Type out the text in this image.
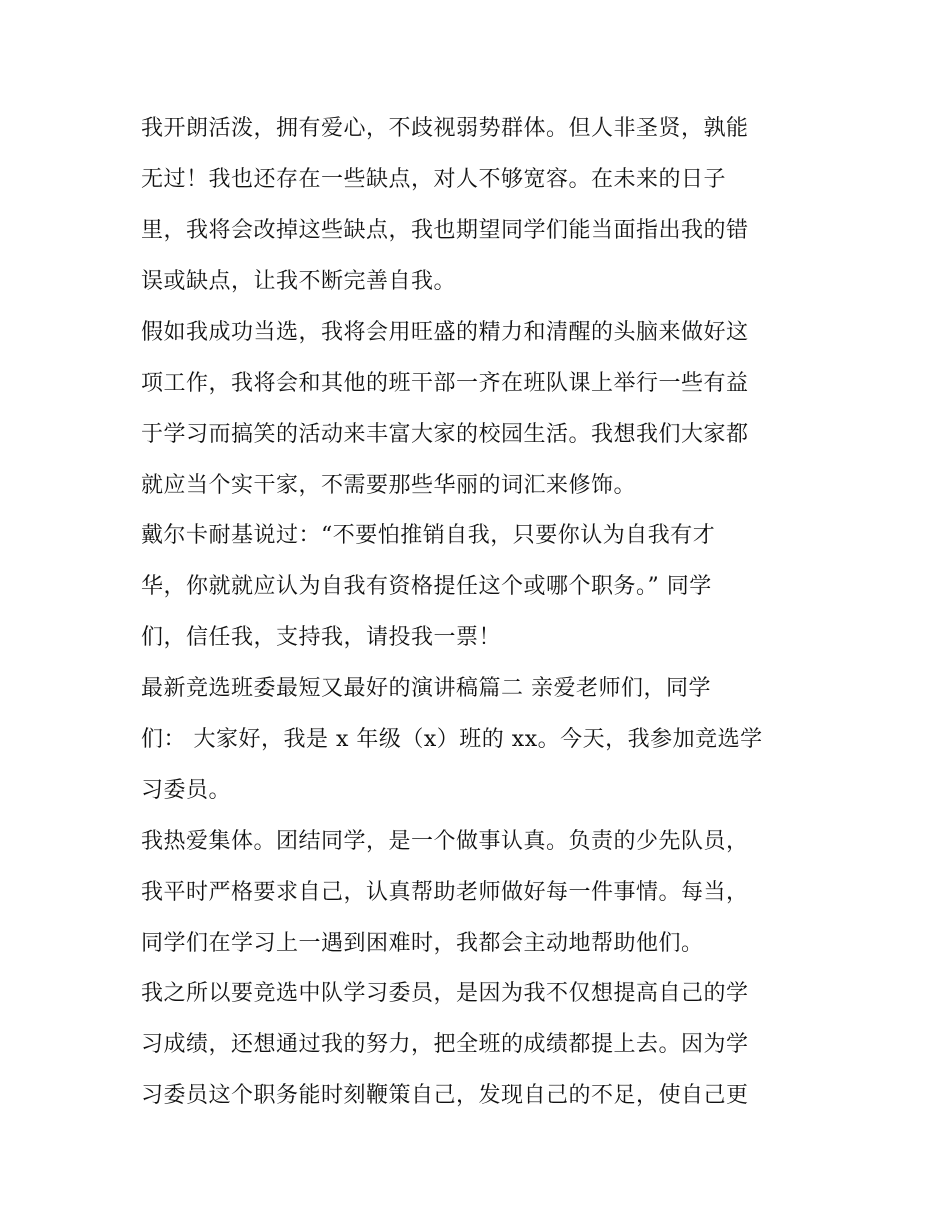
我开朗活泼，拥有爱心，不歧视弱势群体。但人非圣贤，孰能

无过！我也还存在一些缺点，对人不够宽容。在未来的日子

里，我将会改掉这些缺点，我也期望同学们能当面指出我的错

误或缺点，让我不断完善自我。

假如我成功当选，我将会用旺盛的精力和清醒的头脑来做好这

项工作，我将会和其他的班干部一齐在班队课上举行一些有益

于学习而搞笑的活动来丰富大家的校园生活。我想我们大家都

就应当个实干家，不需要那些华丽的词汇来修饰。

戴尔卡耐基说过：“不要怕推销自我，只要你认为自我有才

华，你就就应认为自我有资格提任这个或哪个职务。” 同学

们，信任我，支持我，请投我一票！

最新竞选班委最短又最好的演讲稿篇二 亲爱老师们，同学

们： 大家好，我是 x 年级（x）班的 xx。今天，我参加竞选学

习委员。

我热爱集体。团结同学，是一个做事认真。负责的少先队员，

我平时严格要求自己，认真帮助老师做好每一件事情。每当，

同学们在学习上一遇到困难时，我都会主动地帮助他们。

我之所以要竞选中队学习委员，是因为我不仅想提高自己的学

习成绩，还想通过我的努力，把全班的成绩都提上去。因为学

习委员这个职务能时刻鞭策自己，发现自己的不足，使自己更
